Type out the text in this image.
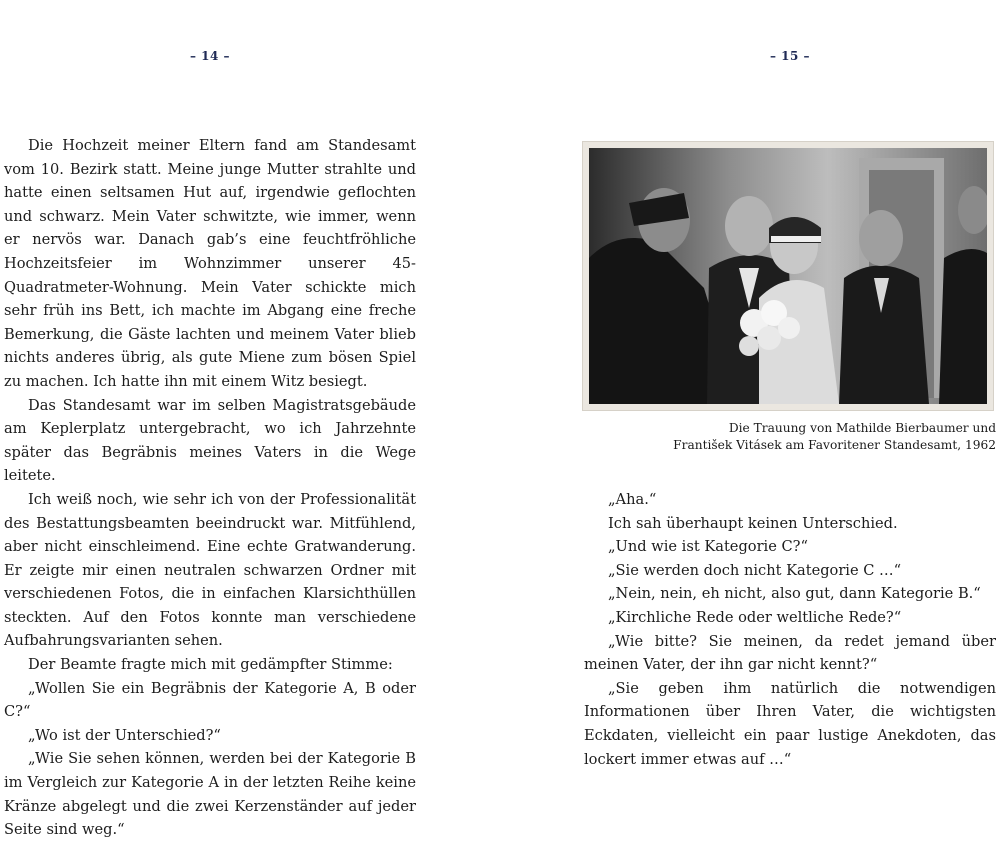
– 14 –	– 15 –

Die Hochzeit meiner Eltern fand am Standesamt vom 10. Bezirk statt. Meine junge Mutter strahlte und hatte einen seltsamen Hut auf, irgendwie geflochten und schwarz. Mein Vater schwitzte, wie immer, wenn er nervös war. Danach gab’s eine feuchtfröhliche Hochzeitsfeier im Wohnzimmer unserer 45-Quadratmeter-Wohnung. Mein Vater schickte mich sehr früh ins Bett, ich machte im Abgang eine freche Bemerkung, die Gäste lachten und meinem Vater blieb nichts anderes übrig, als gute Miene zum bösen Spiel zu machen. Ich hatte ihn mit einem Witz besiegt.

Das Standesamt war im selben Magistratsgebäude am Keplerplatz untergebracht, wo ich Jahrzehnte später das Begräbnis meines Vaters in die Wege leitete.

Ich weiß noch, wie sehr ich von der Professionalität des Bestattungsbeamten beeindruckt war. Mitfühlend, aber nicht einschleimend. Eine echte Gratwanderung. Er zeigte mir einen neutralen schwarzen Ordner mit verschiedenen Fotos, die in einfachen Klarsichthüllen steckten. Auf den Fotos konnte man verschiedene Aufbahrungsvarianten sehen.

Der Beamte fragte mich mit gedämpfter Stimme:

„Wollen Sie ein Begräbnis der Kategorie A, B oder C?“

„Wo ist der Unterschied?“

„Wie Sie sehen können, werden bei der Kategorie B im Vergleich zur Kategorie A in der letzten Reihe keine Kränze abgelegt und die zwei Kerzenständer auf jeder Seite sind weg.“

Die Trauung von Mathilde Bierbaumer und
František Vitásek am Favoritener Standesamt, 1962

„Aha.“

Ich sah überhaupt keinen Unterschied.

„Und wie ist Kategorie C?“

„Sie werden doch nicht Kategorie C …“

„Nein, nein, eh nicht, also gut, dann Kategorie B.“

„Kirchliche Rede oder weltliche Rede?“

„Wie bitte? Sie meinen, da redet jemand über meinen Vater, der ihn gar nicht kennt?“

„Sie geben ihm natürlich die notwendigen Informationen über Ihren Vater, die wichtigsten Eckdaten, vielleicht ein paar lustige Anekdoten, das lockert immer etwas auf …“
